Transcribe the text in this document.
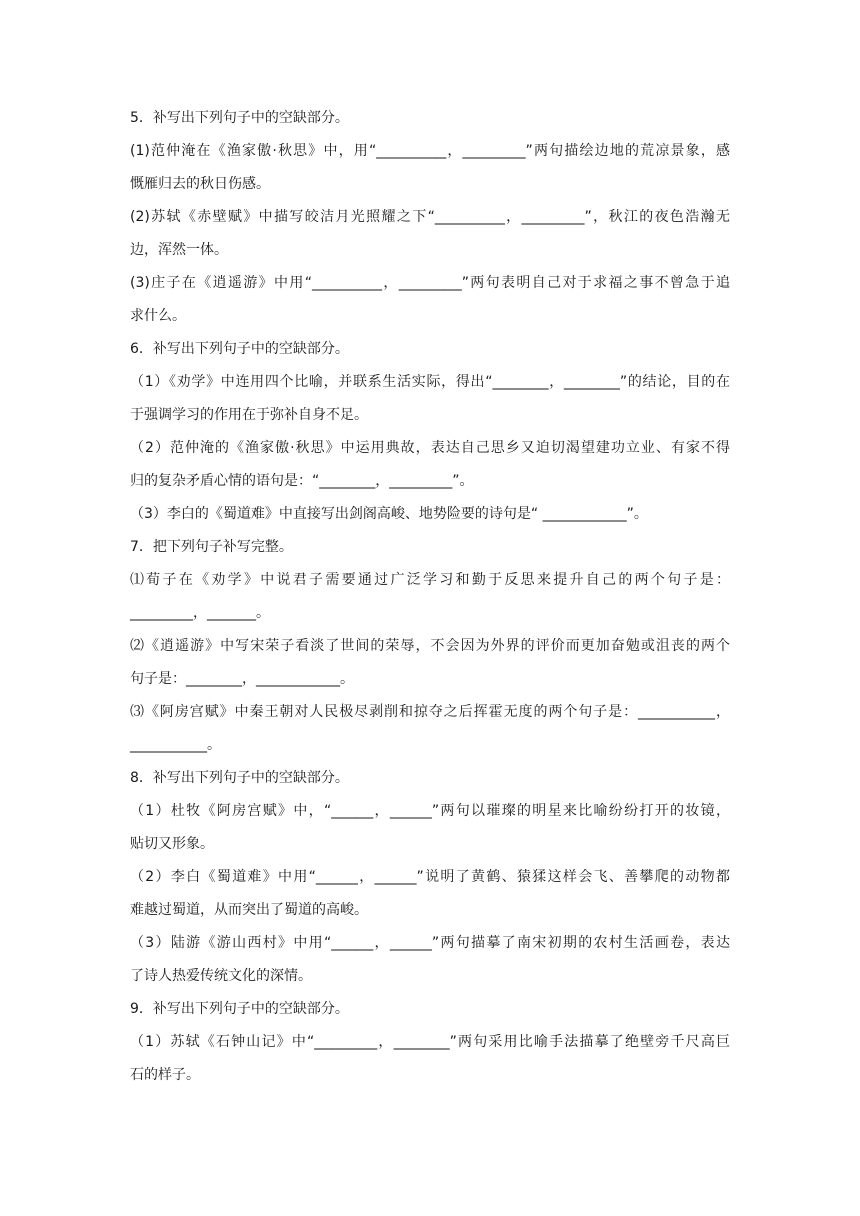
5．补写出下列句子中的空缺部分。

(1)范仲淹在《渔家傲·秋思》中，用“__________，_________”两句描绘边地的荒凉景象，感

慨雁归去的秋日伤感。

(2)苏轼《赤壁赋》中描写皎洁月光照耀之下“__________，_________”，秋江的夜色浩瀚无

边，浑然一体。

(3)庄子在《逍遥游》中用“__________，_________”两句表明自己对于求福之事不曾急于追

求什么。

6．补写出下列句子中的空缺部分。

（1）《劝学》中连用四个比喻，并联系生活实际，得出“________，________”的结论，目的在

于强调学习的作用在于弥补自身不足。

（2）范仲淹的《渔家傲·秋思》中运用典故，表达自己思乡又迫切渴望建功立业、有家不得

归的复杂矛盾心情的语句是：“________，_________”。

（3）李白的《蜀道难》中直接写出剑阁高峻、地势险要的诗句是“ ____________”。

7．把下列句子补写完整。

⑴荀子在《劝学》中说君子需要通过广泛学习和勤于反思来提升自己的两个句子是：

_________，_______。

⑵《逍遥游》中写宋荣子看淡了世间的荣辱，不会因为外界的评价而更加奋勉或沮丧的两个

句子是：________，____________。

⑶《阿房宫赋》中秦王朝对人民极尽剥削和掠夺之后挥霍无度的两个句子是：___________，

___________。

8．补写出下列句子中的空缺部分。

（1）杜牧《阿房宫赋》中，“______，______”两句以璀璨的明星来比喻纷纷打开的妆镜，

贴切又形象。

（2）李白《蜀道难》中用“______，______”说明了黄鹤、猿猱这样会飞、善攀爬的动物都

难越过蜀道，从而突出了蜀道的高峻。

（3）陆游《游山西村》中用“______，______”两句描摹了南宋初期的农村生活画卷，表达

了诗人热爱传统文化的深情。

9．补写出下列句子中的空缺部分。

（1）苏轼《石钟山记》中“_________，________”两句采用比喻手法描摹了绝壁旁千尺高巨

石的样子。
